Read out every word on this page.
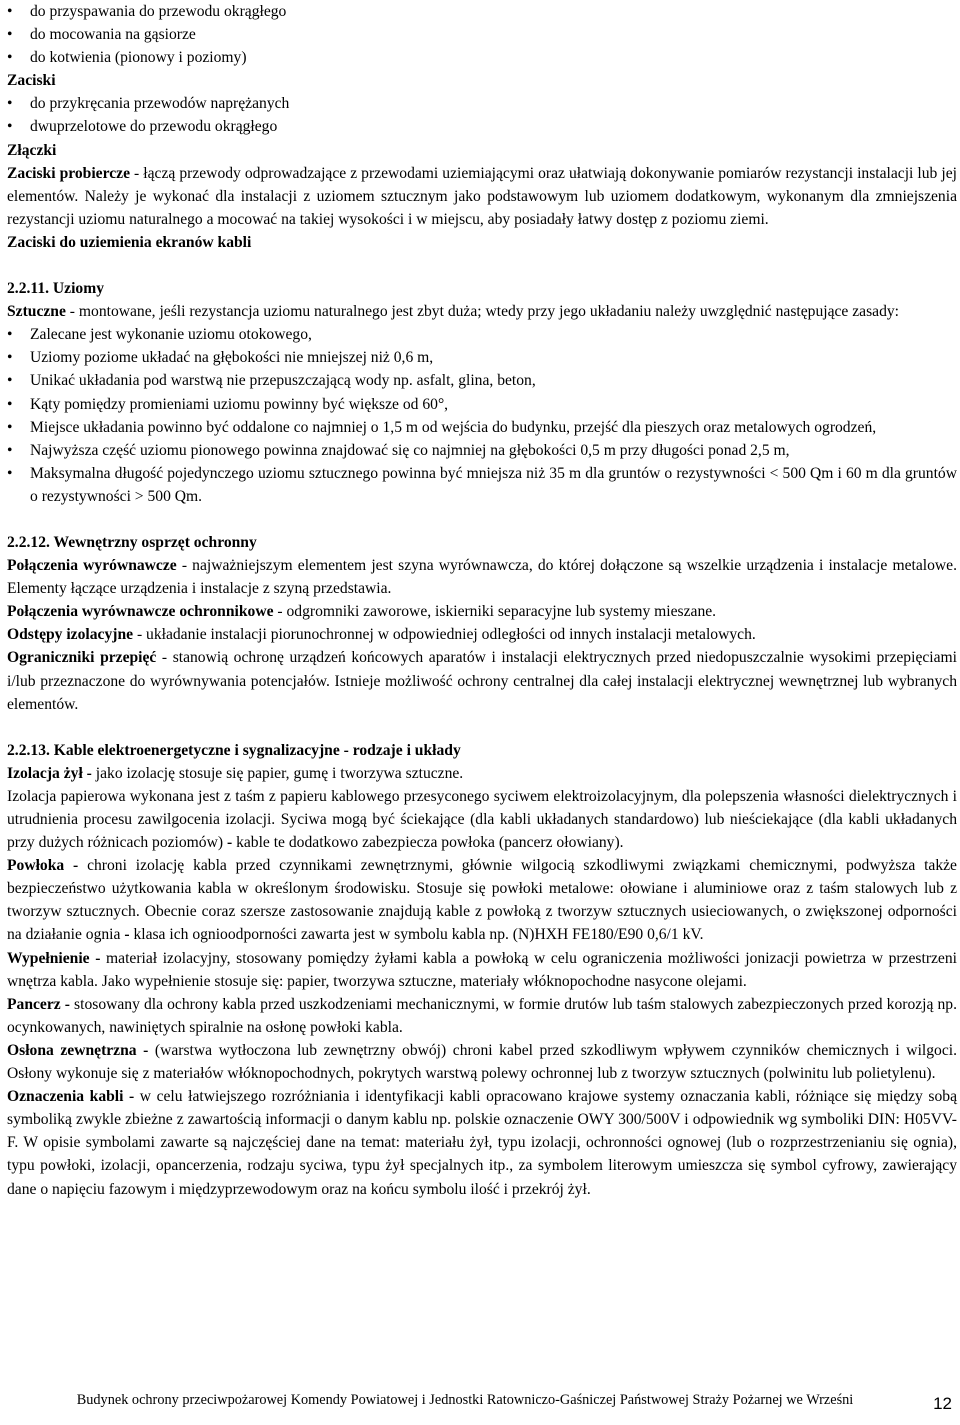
• do przyspawania do przewodu okrągłego
• do mocowania na gąsiorze
• do kotwienia (pionowy i poziomy)

Zaciski

• do przykręcania przewodów naprężanych
• dwuprzelotowe do przewodu okrągłego

Złączki

Zaciski probiercze - łączą przewody odprowadzające z przewodami uziemiającymi oraz ułatwiają dokonywanie pomiarów rezystancji instalacji lub jej elementów. Należy je wykonać dla instalacji z uziomem sztucznym jako podstawowym lub uziomem dodatkowym, wykonanym dla zmniejszenia rezystancji uziomu naturalnego a mocować na takiej wysokości i w miejscu, aby posiadały łatwy dostęp z poziomu ziemi.

Zaciski do uziemienia ekranów kabli

2.2.11. Uziomy

Sztuczne - montowane, jeśli rezystancja uziomu naturalnego jest zbyt duża; wtedy przy jego układaniu należy uwzględnić następujące zasady:

• Zalecane jest wykonanie uziomu otokowego,
• Uziomy poziome układać na głębokości nie mniejszej niż 0,6 m,
• Unikać układania pod warstwą nie przepuszczającą wody np. asfalt, glina, beton,
• Kąty pomiędzy promieniami uziomu powinny być większe od 60°,
• Miejsce układania powinno być oddalone co najmniej o 1,5 m od wejścia do budynku, przejść dla pieszych oraz metalowych ogrodzeń,
• Najwyższa część uziomu pionowego powinna znajdować się co najmniej na głębokości 0,5 m przy długości ponad 2,5 m,
• Maksymalna długość pojedynczego uziomu sztucznego powinna być mniejsza niż 35 m dla gruntów o rezystywności < 500 Qm i 60 m dla gruntów o rezystywności > 500 Qm.

2.2.12. Wewnętrzny osprzęt ochronny

Połączenia wyrównawcze - najważniejszym elementem jest szyna wyrównawcza, do której dołączone są wszelkie urządzenia i instalacje metalowe. Elementy łączące urządzenia i instalacje z szyną przedstawia.

Połączenia wyrównawcze ochronnikowe - odgromniki zaworowe, iskierniki separacyjne lub systemy mieszane.

Odstępy izolacyjne - układanie instalacji piorunochronnej w odpowiedniej odległości od innych instalacji metalowych.

Ograniczniki przepięć - stanowią ochronę urządzeń końcowych aparatów i instalacji elektrycznych przed niedopuszczalnie wysokimi przepięciami i/lub przeznaczone do wyrównywania potencjałów. Istnieje możliwość ochrony centralnej dla całej instalacji elektrycznej wewnętrznej lub wybranych elementów.

2.2.13. Kable elektroenergetyczne i sygnalizacyjne - rodzaje i układy

Izolacja żył - jako izolację stosuje się papier, gumę i tworzywa sztuczne.

Izolacja papierowa wykonana jest z taśm z papieru kablowego przesyconego syciwem elektroizolacyjnym, dla polepszenia własności dielektrycznych i utrudnienia procesu zawilgocenia izolacji. Syciwa mogą być ściekające (dla kabli układanych standardowo) lub nieściekające (dla kabli układanych przy dużych różnicach poziomów) - kable te dodatkowo zabezpiecza powłoka (pancerz ołowiany).

Powłoka - chroni izolację kabla przed czynnikami zewnętrznymi, głównie wilgocią szkodliwymi związkami chemicznymi, podwyższa także bezpieczeństwo użytkowania kabla w określonym środowisku. Stosuje się powłoki metalowe: ołowiane i aluminiowe oraz z taśm stalowych lub z tworzyw sztucznych. Obecnie coraz szersze zastosowanie znajdują kable z powłoką z tworzyw sztucznych usieciowanych, o zwiększonej odporności na działanie ognia - klasa ich ognioodporności zawarta jest w symbolu kabla np. (N)HXH FE180/E90 0,6/1 kV.

Wypełnienie - materiał izolacyjny, stosowany pomiędzy żyłami kabla a powłoką w celu ograniczenia możliwości jonizacji powietrza w przestrzeni wnętrza kabla. Jako wypełnienie stosuje się: papier, tworzywa sztuczne, materiały włóknopochodne nasycone olejami.

Pancerz - stosowany dla ochrony kabla przed uszkodzeniami mechanicznymi, w formie drutów lub taśm stalowych zabezpieczonych przed korozją np. ocynkowanych, nawiniętych spiralnie na osłonę powłoki kabla.

Osłona zewnętrzna - (warstwa wytłoczona lub zewnętrzny obwój) chroni kabel przed szkodliwym wpływem czynników chemicznych i wilgoci. Osłony wykonuje się z materiałów włóknopochodnych, pokrytych warstwą polewy ochronnej lub z tworzyw sztucznych (polwinitu lub polietylenu).

Oznaczenia kabli - w celu łatwiejszego rozróżniania i identyfikacji kabli opracowano krajowe systemy oznaczania kabli, różniące się między sobą symboliką zwykle zbieżne z zawartością informacji o danym kablu np. polskie oznaczenie OWY 300/500V i odpowiednik wg symboliki DIN: H05VV-F. W opisie symbolami zawarte są najczęściej dane na temat: materiału żył, typu izolacji, ochronności ognowej (lub o rozprzestrzenianiu się ognia), typu powłoki, izolacji, opancerzenia, rodzaju syciwa, typu żył specjalnych itp., za symbolem literowym umieszcza się symbol cyfrowy, zawierający dane o napięciu fazowym i międzyprzewodowym oraz na końcu symbolu ilość i przekrój żył.

Budynek ochrony przeciwpożarowej Komendy Powiatowej i Jednostki Ratowniczo-Gaśniczej Państwowej Straży Pożarnej we Wrześni	12
